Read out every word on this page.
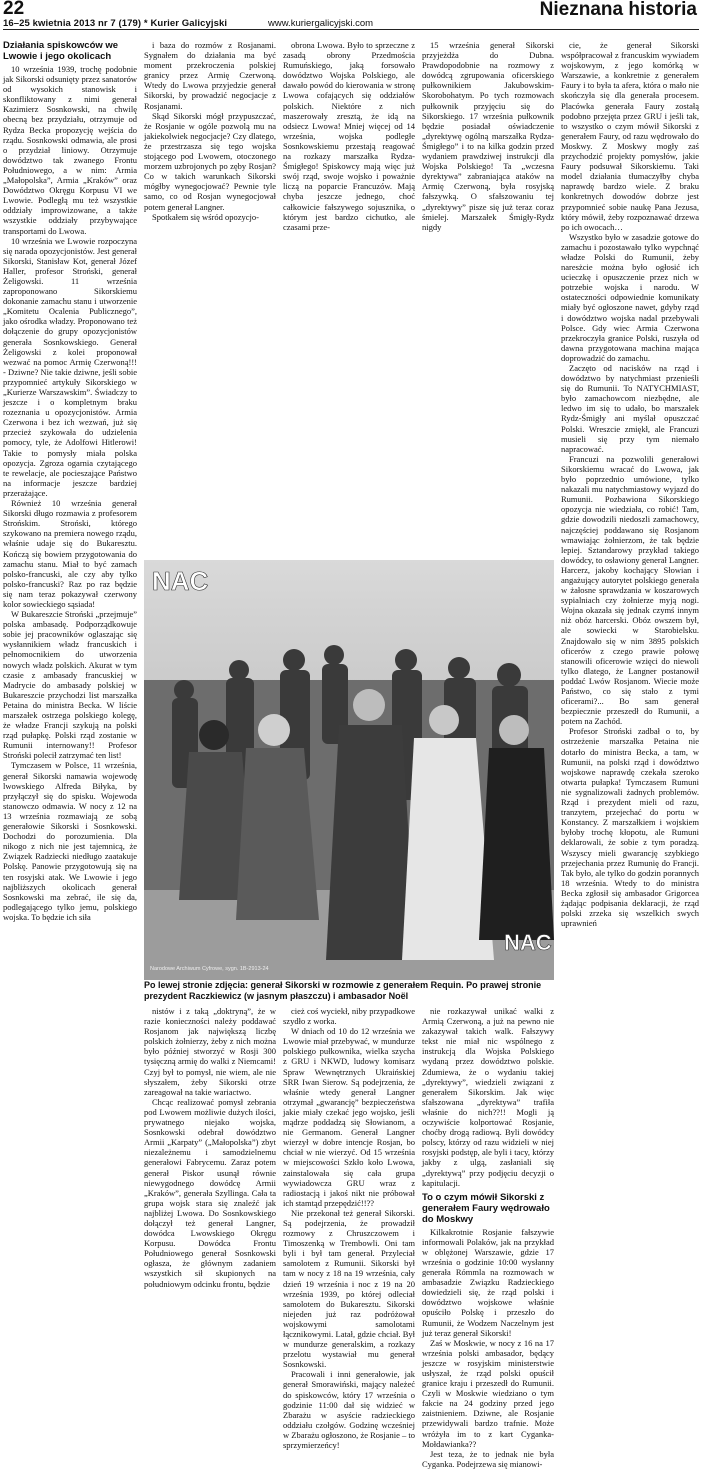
22
16–25 kwietnia 2013 nr 7 (179) * Kurier Galicyjski	www.kuriergalicyjski.com
Nieznana historia
Działania spiskowców we Lwowie i jego okolicach

10 września 1939, trochę podobnie jak Sikorski odsunięty przez sanatorów od wysokich stanowisk i skonfliktowany z nimi generał Kazimierz Sosnkowski, na chwilę obecną bez przydziału, otrzymuje od Rydza Becka propozycję wejścia do rządu. Sosnkowski odmawia, ale prosi o przydział liniowy. Otrzymuje dowództwo tak zwanego Frontu Południowego, a w nim: Armia „Małopolska”, Armia „Kraków” oraz Dowództwo Okręgu Korpusu VI we Lwowie. Podległą mu też wszystkie oddziały improwizowane, a także wszystkie oddziały przybywające transportami do Lwowa.

10 września we Lwowie rozpoczyna się narada opozycjonistów. Jest generał Sikorski, Stanisław Kot, generał Józef Haller, profesor Stroński, generał Żeligowski. 11 września zaproponowano Sikorskiemu dokonanie zamachu stanu i utworzenie „Komitetu Ocalenia Publicznego”, jako ośrodka władzy. Proponowano też dołączenie do grupy opozycjonistów generała Sosnkowskiego. Generał Żeligowski z kolei proponował wezwać na pomoc Armię Czerwoną!!! - Dziwne? Nie takie dziwne, jeśli sobie przypomnieć artykuły Sikorskiego w „Kurierze Warszawskim”. Świadczy to jeszcze i o kompletnym braku rozeznania u opozycjonistów. Armia Czerwona i bez ich wezwań, już się przecież szykowała do udzielenia pomocy, tyle, że Adolfowi Hitlerowi! Takie to pomysły miała polska opozycja. Zgroza ogarnia czytającego te rewelacje, ale pocieszające Państwo na informacje jeszcze bardziej przerażające.

Również 10 września generał Sikorski długo rozmawia z profesorem Strońskim. Stroński, którego szykowano na premiera nowego rządu, właśnie udaje się do Bukaresztu. Kończą się bowiem przygotowania do zamachu stanu. Miał to być zamach polsko-francuski, ale czy aby tylko polsko-francuski? Raz po raz będzie się nam teraz pokazywał czerwony kolor sowieckiego sąsiada!

W Bukareszcie Stroński „przejmuje” polska ambasadę. Podporządkowuje sobie jej pracowników oglaszając się wysłannikiem władz francuskich i pełnomocnikiem do utworzenia nowych władz polskich. Akurat w tym czasie z ambasady francuskiej w Madrycie do ambasady polskiej w Bukareszcie przychodzi list marszałka Petaina do ministra Becka. W liście marszałek ostrzega polskiego kolegę, że władze Francji szykują na polski rząd pułapkę. Polski rząd zostanie w Rumunii internowany!! Profesor Stroński polecił zatrzymać ten list!

Tymczasem w Polsce, 11 września, generał Sikorski namawia wojewodę lwowskiego Alfreda Biłyka, by przyłączył się do spisku. Wojewoda stanowczo odmawia. W nocy z 12 na 13 września rozmawiają ze sobą generałowie Sikorski i Sosnkowski. Dochodzi do porozumienia. Dla nikogo z nich nie jest tajemnicą, że Związek Radziecki niedługo zaatakuje Polskę. Panowie przygotowują się na ten rosyjski atak. We Lwowie i jego najbliższych okolicach generał Sosnkowski ma zebrać, ile się da, podlegającego tylko jemu, polskiego wojska. To będzie ich siła

i baza do rozmów z Rosjanami. Sygnałem do działania ma być moment przekroczenia polskiej granicy przez Armię Czerwoną. Wtedy do Lwowa przyjedzie generał Sikorski, by prowadzić negocjacje z Rosjanami.

Skąd Sikorski mógł przypuszczać, że Rosjanie w ogóle pozwolą mu na jakiekolwiek negocjacje? Czy dlatego, że przestrzasza się tego wojska stojącego pod Lwowem, otoczonego morzem uzbrojonych po zęby Rosjan? Co w takich warunkach Sikorski mógłby wynegocjować? Pewnie tyle samo, co od Rosjan wynegocjował potem generał Langner.

Spotkałem się wśród opozycjo-

obrona Lwowa. Było to sprzeczne z zasadą obrony Przedmościa Rumuńskiego, jaką forsowało dowództwo Wojska Polskiego, ale dawało powód do kierowania w stronę Lwowa cofających się oddziałów polskich. Niektóre z nich maszerowały zresztą, że idą na odsiecz Lwowa! Mniej więcej od 14 września, wojska podległe Sosnkowskiemu przestają reagować na rozkazy marszałka Rydza-Śmigłego! Spiskowcy mają więc już swój rząd, swoje wojsko i poważnie liczą na poparcie Francuzów. Mają chyba jeszcze jednego, choć całkowicie fałszywego sojusznika, o którym jest bardzo cichutko, ale czasami prze-

15 września generał Sikorski przyjeżdża do Dubna. Prawdopodobnie na rozmowy z dowódcą zgrupowania oficerskiego pułkownikiem Jakubowskim-Skorobohatym. Po tych rozmowach pułkownik przyjęciu się do Sikorskiego. 17 września pułkownik będzie posiadał oświadczenie „dyrektywę ogólną marszałka Rydza-Śmigłego” i to na kilka godzin przed wydaniem prawdziwej instrukcji dla Wojska Polskiego! Ta „wczesna dyrektywa” zabraniająca ataków na Armię Czerwoną, była rosyjską fałszywką. O sfałszowaniu tej „dyrektywy” pisze się już teraz coraz śmielej. Marszałek Śmigły-Rydz nigdy

cie, że generał Sikorski współpracował z francuskim wywiadem wojskowym, z jego komórką w Warszawie, a konkretnie z generałem Faury i to była ta afera, która o mało nie skończyła się dla generała procesem. Placówka generała Faury zostałą podobno przejęta przez GRU i jeśli tak, to wszystko o czym mówił Sikorski z generałem Faury, od razu wędrowało do Moskwy. Z Moskwy mogły zaś przychodzić projekty pomysłów, jakie Faury podsuwał Sikorskiemu. Taki model działania tłumaczyłby chyba naprawdę bardzo wiele. Z braku konkretnych dowodów dobrze jest przypomnieć sobie naukę Pana Jezusa, który mówił, żeby rozpoznawać drzewa po ich owocach…

Wszystko było w zasadzie gotowe do zamachu i pozostawało tylko wypchnąć władze Polski do Rumunii, żeby naresżcie można było ogłosić ich ucieczkę i opuszczenie przez nich w potrzebie wojska i narodu. W ostateczności odpowiednie komunikaty miały być ogłoszone nawet, gdyby rząd i dowództwo wojska nadal przebywali Polsce. Gdy wiec Armia Czerwona przekroczyła granice Polski, ruszyła od dawna przygotowana machina mająca doprowadzić do zamachu.

Zaczęto od nacisków na rząd i dowództwo by natychmiast przenieśli się do Rumunii. To NATYCHMIAST, było zamachowcom niezbędne, ale ledwo im się to udało, bo marszałek Rydz-Śmigły ani myślał opuszczać Polski. Wreszcie zmiękł, ale Francuzi musieli się przy tym niemało napracować.

Francuzi na pozwolili generałowi Sikorskiemu wracać do Lwowa, jak było poprzednio umówione, tylko nakazali mu natychmiastowy wyjazd do Rumunii. Pozbawiona Sikorskiego opozycja nie wiedziała, co robić! Tam, gdzie dowodzili niedoszli zamachowcy, najczęściej poddawano się Rosjanom wmawiając żołnierzom, że tak będzie lepiej. Sztandarowy przykład takiego dowódcy, to osławiony generał Langner. Harcerz, jakoby kochający Słowian i angażujący autorytet polskiego generała w żałosne sprawdzania w koszarowych sypialniach czy żołnierze myją nogi. Wojna okazała się jednak czymś innym niż obóz harcerski. Obóz owszem był, ale sowiecki w Starobielsku. Znajdowało się w nim 3895 polskich oficerów z czego prawie połowę stanowili oficerowie wzięci do niewoli tylko dlatego, że Langner postanowił poddać Lwów Rosjanom. Wiecie może Państwo, co się stało z tymi oficerami?... Bo sam generał bezpiecznie przeszedł do Rumunii, a potem na Zachód.

Profesor Stroński zadbał o to, by ostrzeżenie marszałka Petaina nie dotarło do ministra Becka, a tam, w Rumunii, na polski rząd i dowództwo wojskowe naprawdę czekała szeroko otwarta pułapka! Tymczasem Rumuni nie sygnalizowali żadnych problemów. Rząd i prezydent mieli od razu, tranzytem, przejechać do portu w Konstancy. Z marszałkiem i wojskiem byłoby trochę kłopotu, ale Rumuni deklarowali, że sobie z tym poradzą. Wszyscy mieli gwarancję szybkiego przejechania przez Rumunię do Francji. Tak było, ale tylko do godzin porannych 18 września. Wtedy to do ministra Becka zgłosił się ambasador Grigorcea żądając podpisania deklaracji, że rząd polski zrzeka się wszelkich swych uprawnień

NAC
NAC
Narodowe Archiwum Cyfrowe, sygn. 1B-2913-24
Po lewej stronie zdjęcia: generał Sikorski w rozmowie z generałem Requin. Po prawej stronie prezydent Raczkiewicz (w jasnym płaszczu) i ambasador Noël

nistów i z taką „doktryną”, że w razie konieczności należy poddawać Rosjanom jak największą liczbę polskich żołnierzy, żeby z nich można było później stworzyć w Rosji 300 tysięczną armię do walki z Niemcami! Czyj był to pomysł, nie wiem, ale nie słyszałem, żeby Sikorski otrze zareagował na takie wariactwo.

Chcąc realizować pomysł zebrania pod Lwowem możliwie dużych ilości, prywatnego niejako wojska, Sosnkowski odebrał dowództwo Armii „Karpaty” („Małopolska”) zbyt niezależnemu i samodzielnemu generałowi Fabrycemu. Zaraz potem generał Piskor usunął równie niewygodnego dowódcę Armii „Kraków”, generała Szyllinga. Cała ta grupa wojsk stara się znaleźć jak najbliżej Lwowa. Do Sosnkowskiego dołączył też generał Langner, dowódca Lwowskiego Okręgu Korpusu. Dowódca Frontu Południowego generał Sosnkowski ogłasza, że głównym zadaniem wszystkich sił skupionych na południowym odcinku frontu, będzie

cież coś wyciekł, niby przypadkowe szydło z worka.

W dniach od 10 do 12 września we Lwowie miał przebywać, w mundurze polskiego pułkownika, wielka szycha z GRU i NKWD, ludowy komisarz Spraw Wewnętrznych Ukraińskiej SRR Iwan Sierow. Są podejrzenia, że właśnie wtedy generał Langner otrzymał „gwarancję” bezpieczeństwa jakie miały czekać jego wojsko, jeśli mądrze poddadzą się Słowianom, a nie Germanom. Generał Langner wierzył w dobre intencje Rosjan, bo chciał w nie wierzyć. Od 15 września w miejscowości Szkło koło Lwowa, zainstalowała się cała grupa wywiadowcza GRU wraz z radiostacją i jakoś nikt nie próbował ich stamtąd przepędzić!!??

Nie przekonał też generał Sikorski. Są podejrzenia, że prowadził rozmowy z Chruszczowem i Timoszenką w Trembowli. Oni tam byli i był tam generał. Przyleciał samolotem z Rumunii. Sikorski był tam w nocy z 18 na 19 września, cały dzień 19 września i noc z 19 na 20 września 1939, po której odleciał samolotem do Bukaresztu. Sikorski niejeden już raz podróżował wojskowymi samolotami łącznikowymi. Latał, gdzie chciał. Był w mundurze generalskim, a rozkazy przelotu wystawiał mu generał Sosnkowski.

Pracowali i inni generałowie, jak generał Smorawiński, mający należeć do spiskowców, który 17 września o godzinie 11:00 dał się widzieć w Zbarażu w asyście radzieckiego oddziału czołgów. Godzinę wcześniej w Zbarażu ogłoszono, że Rosjanie – to sprzymierzeńcy!

nie rozkazywał unikać walki z Armią Czerwoną, a już na pewno nie zakazywał takich walk. Fałszywy tekst nie miał nic wspólnego z instrukcją dla Wojska Polskiego wydaną przez dowództwo polskie. Zdumiewa, że o wydaniu takiej „dyrektywy”, wiedzieli związani z generałem Sikorskim. Jak więc sfałszowana „dyrektywa” trafiła właśnie do nich??!! Mogli ją oczywiście kolportować Rosjanie, choćby drogą radiową. Byli dowódcy polscy, którzy od razu widzieli w niej rosyjski podstęp, ale byli i tacy, którzy jakby z ulgą, zasłaniali się „dyrektywą” przy podjęciu decyzji o kapitulacji.

To o czym mówił Sikorski z generałem Faury wędrowało do Moskwy

Kilkakrotnie Rosjanie fałszywie informowali Polaków, jak na przykład w oblężonej Warszawie, gdzie 17 września o godzinie 10:00 wysłanny generała Rómmla na rozmowach w ambasadzie Związku Radzieckiego dowiedzieli się, że rząd polski i dowództwo wojskowe właśnie opuściło Polskę i przeszło do Rumunii, że Wodzem Naczelnym jest już teraz generał Sikorski!

Zaś w Moskwie, w nocy z 16 na 17 września polski ambasador, będący jeszcze w rosyjskim ministerstwie usłyszał, że rząd polski opuścił granice kraju i przeszedł do Rumunii. Czyli w Moskwie wiedziano o tym fakcie na 24 godziny przed jego zaistnieniem. Dziwne, ale Rosjanie przewidywali bardzo trafnie. Może wróżyła im to z kart Cyganka-Mołdawianka??

Jest teza, że to jednak nie była Cyganka. Podejrzewa się mianowi-
